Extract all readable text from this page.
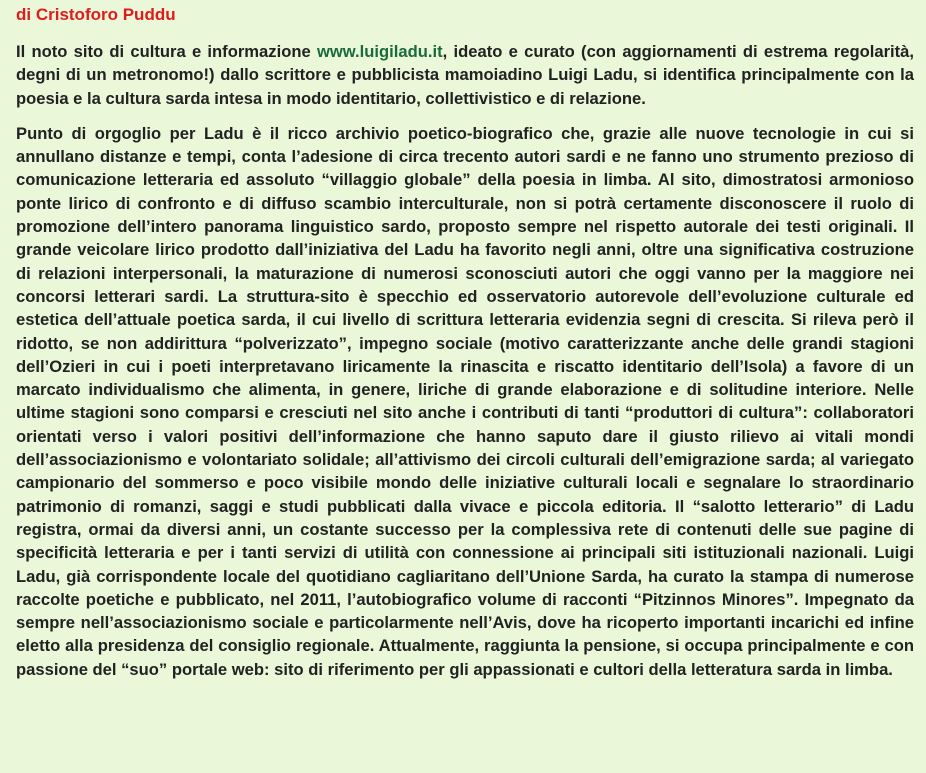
di Cristoforo Puddu

Il noto sito di cultura e informazione www.luigiladu.it, ideato e curato (con aggiornamenti di estrema regolarità, degni di un metronomo!) dallo scrittore e pubblicista mamoiadino Luigi Ladu, si identifica principalmente con la poesia e la cultura sarda intesa in modo identitario, collettivistico e di relazione.

Punto di orgoglio per Ladu è il ricco archivio poetico-biografico che, grazie alle nuove tecnologie in cui si annullano distanze e tempi, conta l’adesione di circa trecento autori sardi e ne fanno uno strumento prezioso di comunicazione letteraria ed assoluto “villaggio globale” della poesia in limba. Al sito, dimostratosi armonioso ponte lirico di confronto e di diffuso scambio interculturale, non si potrà certamente disconoscere il ruolo di promozione dell’intero panorama linguistico sardo, proposto sempre nel rispetto autorale dei testi originali. Il grande veicolare lirico prodotto dall’iniziativa del Ladu ha favorito negli anni, oltre una significativa costruzione di relazioni interpersonali, la maturazione di numerosi sconosciuti autori che oggi vanno per la maggiore nei concorsi letterari sardi. La struttura-sito è specchio ed osservatorio autorevole dell’evoluzione culturale ed estetica dell’attuale poetica sarda, il cui livello di scrittura letteraria evidenzia segni di crescita. Si rileva però il ridotto, se non addirittura “polverizzato”, impegno sociale (motivo caratterizzante anche delle grandi stagioni dell’Ozieri in cui i poeti interpretavano liricamente la rinascita e riscatto identitario dell’Isola) a favore di un marcato individualismo che alimenta, in genere, liriche di grande elaborazione e di solitudine interiore. Nelle ultime stagioni sono comparsi e cresciuti nel sito anche i contributi di tanti “produttori di cultura”: collaboratori orientati verso i valori positivi dell’informazione che hanno saputo dare il giusto rilievo ai vitali mondi dell’associazionismo e volontariato solidale; all’attivismo dei circoli culturali dell’emigrazione sarda; al variegato campionario del sommerso e poco visibile mondo delle iniziative culturali locali e segnalare lo straordinario patrimonio di romanzi, saggi e studi pubblicati dalla vivace e piccola editoria. Il “salotto letterario” di Ladu registra, ormai da diversi anni, un costante successo per la complessiva rete di contenuti delle sue pagine di specificità letteraria e per i tanti servizi di utilità con connessione ai principali siti istituzionali nazionali. Luigi Ladu, già corrispondente locale del quotidiano cagliaritano dell’Unione Sarda, ha curato la stampa di numerose raccolte poetiche e pubblicato, nel 2011, l’autobiografico volume di racconti “Pitzinnos Minores”. Impegnato da sempre nell’associazionismo sociale e particolarmente nell’Avis, dove ha ricoperto importanti incarichi ed infine eletto alla presidenza del consiglio regionale. Attualmente, raggiunta la pensione, si occupa principalmente e con passione del “suo” portale web: sito di riferimento per gli appassionati e cultori della letteratura sarda in limba.
